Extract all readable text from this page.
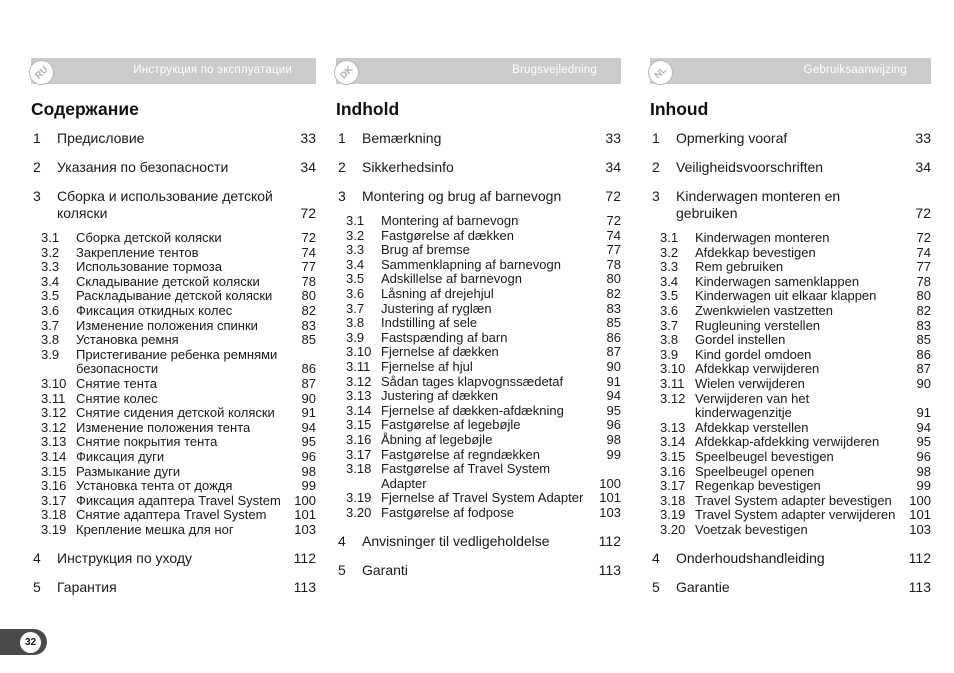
RU	Инструкция по эксплуатации
Содержание
1 Предисловие	33
2 Указания по безопасности	34
3 Сборка и использование детской коляски	72
3.1 Сборка детской коляски	72
3.2 Закрепление тентов	74
3.3 Использование тормоза	77
3.4 Складывание детской коляски	78
3.5 Раскладывание детской коляски	80
3.6 Фиксация откидных колес	82
3.7 Изменение положения спинки	83
3.8 Установка ремня	85
3.9 Пристегивание ребенка ремнями безопасности	86
3.10 Снятие тента	87
3.11 Снятие колес	90
3.12 Снятие сидения детской коляски	91
3.12 Изменение положения тента	94
3.13 Снятие покрытия тента	95
3.14 Фиксация дуги	96
3.15 Размыкание дуги	98
3.16 Установка тента от дождя	99
3.17 Фиксация адаптера Travel System	100
3.18 Снятие адаптера Travel System	101
3.19 Крепление мешка для ног	103
4 Инструкция по уходу	112
5 Гарантия	113
DK	Brugsvejledning
Indhold
1 Bemærkning	33
2 Sikkerhedsinfo	34
3 Montering og brug af barnevogn	72
3.1 Montering af barnevogn	72
3.2 Fastgørelse af dækken	74
3.3 Brug af bremse	77
3.4 Sammenklapning af barnevogn	78
3.5 Adskillelse af barnevogn	80
3.6 Låsning af drejehjul	82
3.7 Justering af ryglæn	83
3.8 Indstilling af sele	85
3.9 Fastspænding af barn	86
3.10 Fjernelse af dækken	87
3.11 Fjernelse af hjul	90
3.12 Sådan tages klapvognssædetaf	91
3.13 Justering af dækken	94
3.14 Fjernelse af dækken-afdækning	95
3.15 Fastgørelse af legebøjle	96
3.16 Åbning af legebøjle	98
3.17 Fastgørelse af regndækken	99
3.18 Fastgørelse af Travel System Adapter	100
3.19 Fjernelse af Travel System Adapter	101
3.20 Fastgørelse af fodpose	103
4 Anvisninger til vedligeholdelse	112
5 Garanti	113
NL	Gebruiksaanwijzing
Inhoud
1 Opmerking vooraf	33
2 Veiligheidsvoorschriften	34
3 Kinderwagen monteren en gebruiken	72
3.1 Kinderwagen monteren	72
3.2 Afdekkap bevestigen	74
3.3 Rem gebruiken	77
3.4 Kinderwagen samenklappen	78
3.5 Kinderwagen uit elkaar klappen	80
3.6 Zwenkwielen vastzetten	82
3.7 Rugleuning verstellen	83
3.8 Gordel instellen	85
3.9 Kind gordel omdoen	86
3.10 Afdekkap verwijderen	87
3.11 Wielen verwijderen	90
3.12 Verwijderen van het kinderwagenzitje	91
3.13 Afdekkap verstellen	94
3.14 Afdekkap-afdekking verwijderen	95
3.15 Speelbeugel bevestigen	96
3.16 Speelbeugel openen	98
3.17 Regenkap bevestigen	99
3.18 Travel System adapter bevestigen	100
3.19 Travel System adapter verwijderen	101
3.20 Voetzak bevestigen	103
4 Onderhoudshandleiding	112
5 Garantie	113
32
